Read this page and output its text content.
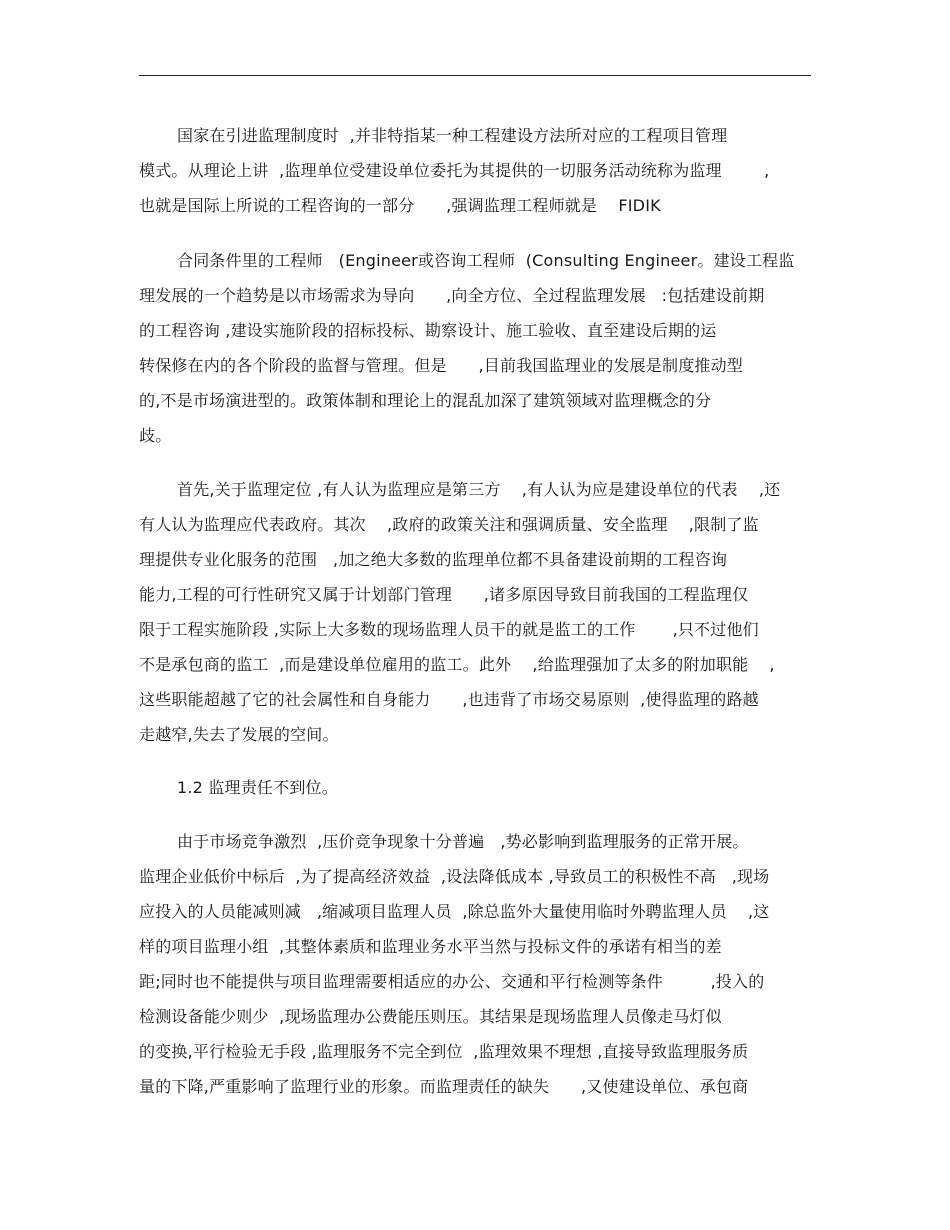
国家在引进监理制度时  ,并非特指某一种工程建设方法所对应的工程项目管理
模式。从理论上讲  ,监理单位受建设单位委托为其提供的一切服务活动统称为监理        ,
也就是国际上所说的工程咨询的一部分      ,强调监理工程师就是    FIDIK
合同条件里的工程师   (Engineer或咨询工程师  (Consulting Engineer。建设工程监
理发展的一个趋势是以市场需求为导向      ,向全方位、全过程监理发展   :包括建设前期
的工程咨询 ,建设实施阶段的招标投标、勘察设计、施工验收、直至建设后期的运
转保修在内的各个阶段的监督与管理。但是      ,目前我国监理业的发展是制度推动型
的,不是市场演进型的。政策体制和理论上的混乱加深了建筑领域对监理概念的分
歧。
首先,关于监理定位 ,有人认为监理应是第三方    ,有人认为应是建设单位的代表    ,还
有人认为监理应代表政府。其次    ,政府的政策关注和强调质量、安全监理    ,限制了监
理提供专业化服务的范围   ,加之绝大多数的监理单位都不具备建设前期的工程咨询
能力,工程的可行性研究又属于计划部门管理      ,诸多原因导致目前我国的工程监理仅
限于工程实施阶段 ,实际上大多数的现场监理人员干的就是监工的工作       ,只不过他们
不是承包商的监工  ,而是建设单位雇用的监工。此外    ,给监理强加了太多的附加职能    ,
这些职能超越了它的社会属性和自身能力      ,也违背了市场交易原则  ,使得监理的路越
走越窄,失去了发展的空间。
1.2 监理责任不到位。
由于市场竞争激烈  ,压价竞争现象十分普遍   ,势必影响到监理服务的正常开展。
监理企业低价中标后  ,为了提高经济效益  ,设法降低成本 ,导致员工的积极性不高   ,现场
应投入的人员能减则减   ,缩减项目监理人员  ,除总监外大量使用临时外聘监理人员    ,这
样的项目监理小组  ,其整体素质和监理业务水平当然与投标文件的承诺有相当的差
距;同时也不能提供与项目监理需要相适应的办公、交通和平行检测等条件         ,投入的
检测设备能少则少  ,现场监理办公费能压则压。其结果是现场监理人员像走马灯似
的变换,平行检验无手段 ,监理服务不完全到位  ,监理效果不理想 ,直接导致监理服务质
量的下降,严重影响了监理行业的形象。而监理责任的缺失      ,又使建设单位、承包商
